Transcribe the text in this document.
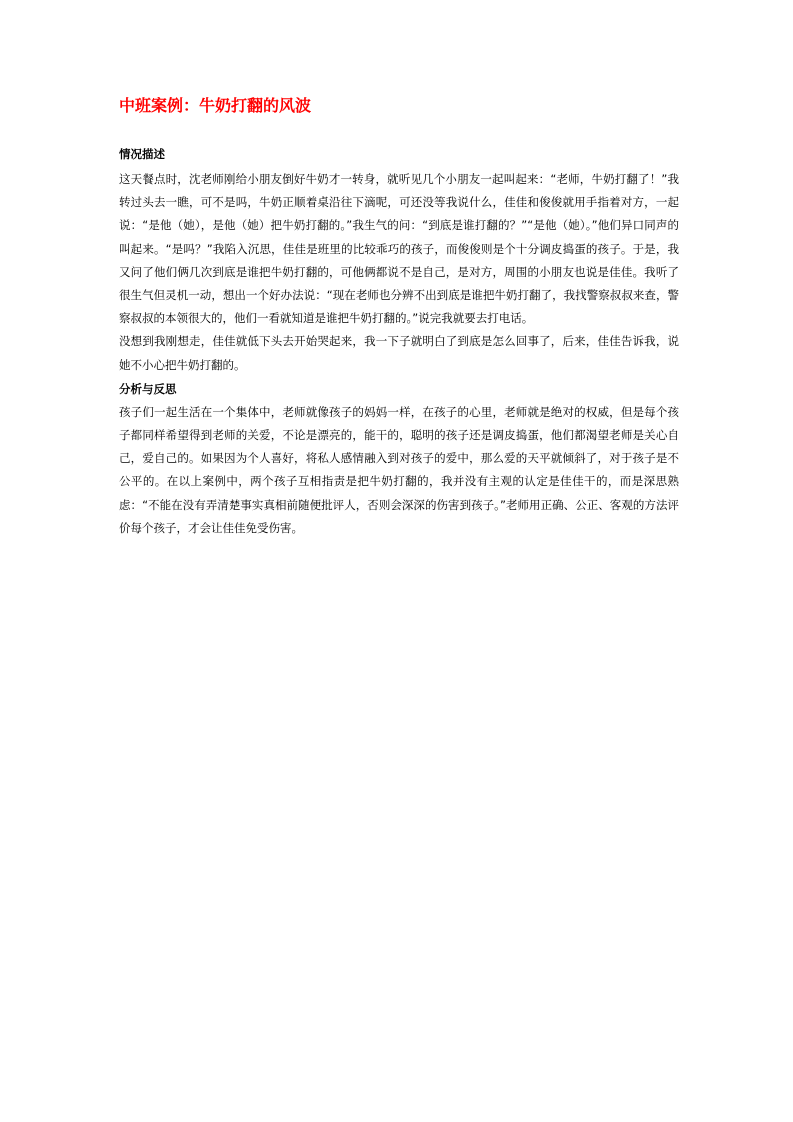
中班案例：牛奶打翻的风波
情况描述

这天餐点时，沈老师刚给小朋友倒好牛奶才一转身，就听见几个小朋友一起叫起来：“老师，牛奶打翻了！”我转过头去一瞧，可不是吗，牛奶正顺着桌沿往下滴呢，可还没等我说什么，佳佳和俊俊就用手指着对方，一起说：“是他（她），是他（她）把牛奶打翻的。”我生气的问：“到底是谁打翻的？”“是他（她）。”他们异口同声的叫起来。“是吗？”我陷入沉思，佳佳是班里的比较乖巧的孩子，而俊俊则是个十分调皮捣蛋的孩子。于是，我又问了他们俩几次到底是谁把牛奶打翻的，可他俩都说不是自己，是对方，周围的小朋友也说是佳佳。我听了很生气但灵机一动，想出一个好办法说：“现在老师也分辨不出到底是谁把牛奶打翻了，我找警察叔叔来查，警察叔叔的本领很大的，他们一看就知道是谁把牛奶打翻的。”说完我就要去打电话。

没想到我刚想走，佳佳就低下头去开始哭起来，我一下子就明白了到底是怎么回事了，后来，佳佳告诉我，说她不小心把牛奶打翻的。

分析与反思

孩子们一起生活在一个集体中，老师就像孩子的妈妈一样，在孩子的心里，老师就是绝对的权威，但是每个孩子都同样希望得到老师的关爱，不论是漂亮的，能干的，聪明的孩子还是调皮捣蛋，他们都渴望老师是关心自己，爱自己的。如果因为个人喜好，将私人感情融入到对孩子的爱中，那么爱的天平就倾斜了，对于孩子是不公平的。在以上案例中，两个孩子互相指责是把牛奶打翻的，我并没有主观的认定是佳佳干的，而是深思熟虑：“不能在没有弄清楚事实真相前随便批评人，否则会深深的伤害到孩子。”老师用正确、公正、客观的方法评价每个孩子，才会让佳佳免受伤害。
